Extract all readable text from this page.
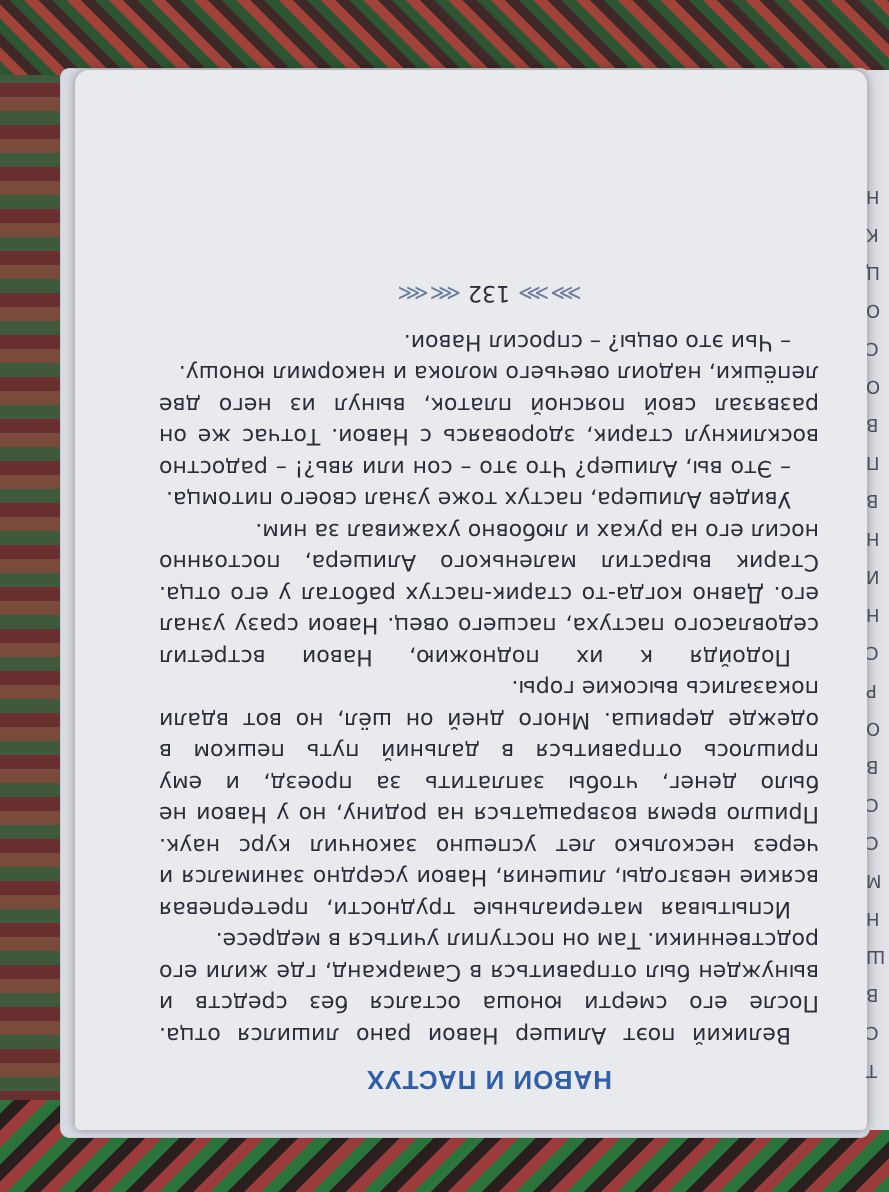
НАВОИ И ПАСТУХ

Великий поэт Алишер Навои рано лишился отца. После его смерти юноша остался без средств и вынужден был отправиться в Самарканд, где жили его родственники. Там он поступил учиться в медресе.

Испытывая материальные трудности, претерпевая всякие невзгоды, лишения, Навои усердно занимался и через несколько лет успешно закончил курс наук. Пришло время возвращаться на родину, но у Навои не было денег, чтобы заплатить за проезд, и ему пришлось отправиться в дальний путь пешком в одежде дервиша. Много дней он шёл, но вот вдали показались высокие горы.

Подойдя к их подножию, Навои встретил седовласого пастуха, пасшего овец. Навои сразу узнал его. Давно когда-то старик-пастух работал у его отца. Старик вырастил маленького Алишера, постоянно носил его на руках и любовно ухаживал за ним.

Увидев Алишера, пастух тоже узнал своего питомца.

– Это вы, Алишер? Что это – сон или явь?! – радостно воскликнул старик, здороваясь с Навои. Тотчас же он развязал свой поясной платок, вынул из него две лепёшки, надоил овечьего молока и накормил юношу.

– Чьи это овцы? – спросил Навои.

⋙⋙ 132 ⋘⋘
Т
С
В
Ш
Н
М
С
С
В
О
Р
С
Н
И
Н
В
П
В
О
С
О
Ц
К
Н
